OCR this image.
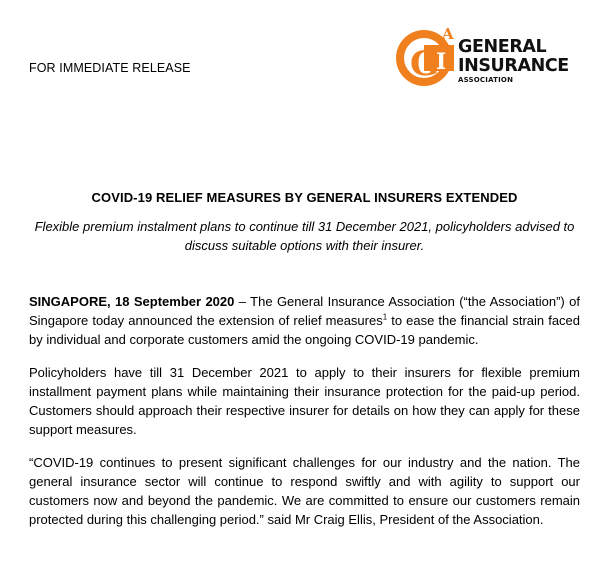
FOR IMMEDIATE RELEASE	G
I
A
GENERAL
INSURANCE
ASSOCIATION
COVID-19 RELIEF MEASURES BY GENERAL INSURERS EXTENDED
Flexible premium instalment plans to continue till 31 December 2021, policyholders advised to discuss suitable options with their insurer.
SINGAPORE, 18 September 2020 – The General Insurance Association (“the Association”) of Singapore today announced the extension of relief measures$^1$ to ease the financial strain faced by individual and corporate customers amid the ongoing COVID-19 pandemic.
Policyholders have till 31 December 2021 to apply to their insurers for flexible premium installment payment plans while maintaining their insurance protection for the paid-up period. Customers should approach their respective insurer for details on how they can apply for these support measures.
“COVID-19 continues to present significant challenges for our industry and the nation. The general insurance sector will continue to respond swiftly and with agility to support our customers now and beyond the pandemic. We are committed to ensure our customers remain protected during this challenging period.” said Mr Craig Ellis, President of the Association.
